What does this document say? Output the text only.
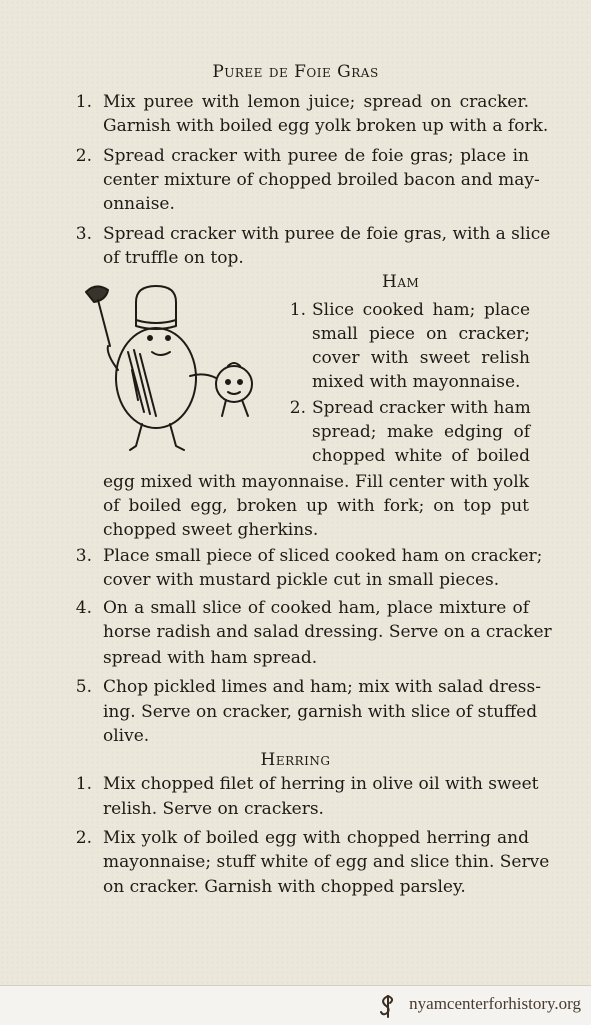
Puree de Foie Gras
1. Mix puree with lemon juice; spread on cracker.
Garnish with boiled egg yolk broken up with a fork.
2. Spread cracker with puree de foie gras; place in
center mixture of chopped broiled bacon and may-
onnaise.
3. Spread cracker with puree de foie gras, with a slice
of truffle on top.
Ham
1. Slice cooked ham; place
small piece on cracker;
cover with sweet relish
mixed with mayonnaise.
2. Spread cracker with ham
spread; make edging of
chopped white of boiled
egg mixed with mayonnaise. Fill center with yolk
of boiled egg, broken up with fork; on top put
chopped sweet gherkins.
3. Place small piece of sliced cooked ham on cracker;
cover with mustard pickle cut in small pieces.
4. On a small slice of cooked ham, place mixture of
horse radish and salad dressing. Serve on a cracker
spread with ham spread.
5. Chop pickled limes and ham; mix with salad dress-
ing. Serve on cracker, garnish with slice of stuffed
olive.
Herring
1. Mix chopped filet of herring in olive oil with sweet
relish. Serve on crackers.
2. Mix yolk of boiled egg with chopped herring and
mayonnaise; stuff white of egg and slice thin. Serve
on cracker. Garnish with chopped parsley.
nyamcenterforhistory.org
